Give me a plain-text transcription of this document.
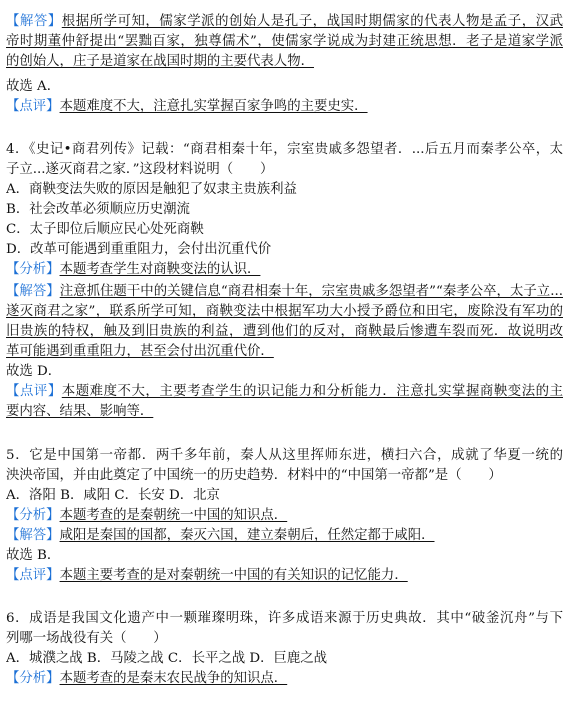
【解答】根据所学可知，儒家学派的创始人是孔子，战国时期儒家的代表人物是孟子，汉武
帝时期董仲舒提出“罢黜百家，独尊儒术”，使儒家学说成为封建正统思想．老子是道家学派
的创始人，庄子是道家在战国时期的主要代表人物．
故选 A．
【点评】本题难度不大，注意扎实掌握百家争鸣的主要史实．
4．《史记•商君列传》记载：“商君相秦十年，宗室贵戚多怨望者．...后五月而秦孝公卒，太
子立...遂灭商君之家．”这段材料说明（　　）
A．商鞅变法失败的原因是触犯了奴隶主贵族利益
B．社会改革必须顺应历史潮流
C．太子即位后顺应民心处死商鞅
D．改革可能遇到重重阻力，会付出沉重代价
【分析】本题考查学生对商鞅变法的认识．
【解答】注意抓住题干中的关键信息“商君相秦十年，宗室贵戚多怨望者”“秦孝公卒，太子立...
遂灭商君之家”，联系所学可知，商鞅变法中根据军功大小授予爵位和田宅，废除没有军功的
旧贵族的特权，触及到旧贵族的利益，遭到他们的反对，商鞅最后惨遭车裂而死．故说明改
革可能遇到重重阻力，甚至会付出沉重代价．
故选 D．
【点评】本题难度不大，主要考查学生的识记能力和分析能力．注意扎实掌握商鞅变法的主
要内容、结果、影响等．
5．它是中国第一帝都．两千多年前，秦人从这里挥师东进，横扫六合，成就了华夏一统的
泱泱帝国，并由此奠定了中国统一的历史趋势．材料中的“中国第一帝都”是（　　）
A．洛阳 B．咸阳 C．长安 D．北京
【分析】本题考查的是秦朝统一中国的知识点．
【解答】咸阳是秦国的国都，秦灭六国，建立秦朝后，任然定都于咸阳．
故选 B．
【点评】本题主要考查的是对秦朝统一中国的有关知识的记忆能力．
6．成语是我国文化遗产中一颗璀璨明珠，许多成语来源于历史典故．其中“破釜沉舟”与下
列哪一场战役有关（　　）
A．城濮之战 B．马陵之战 C．长平之战 D．巨鹿之战
【分析】本题考查的是秦末农民战争的知识点．
